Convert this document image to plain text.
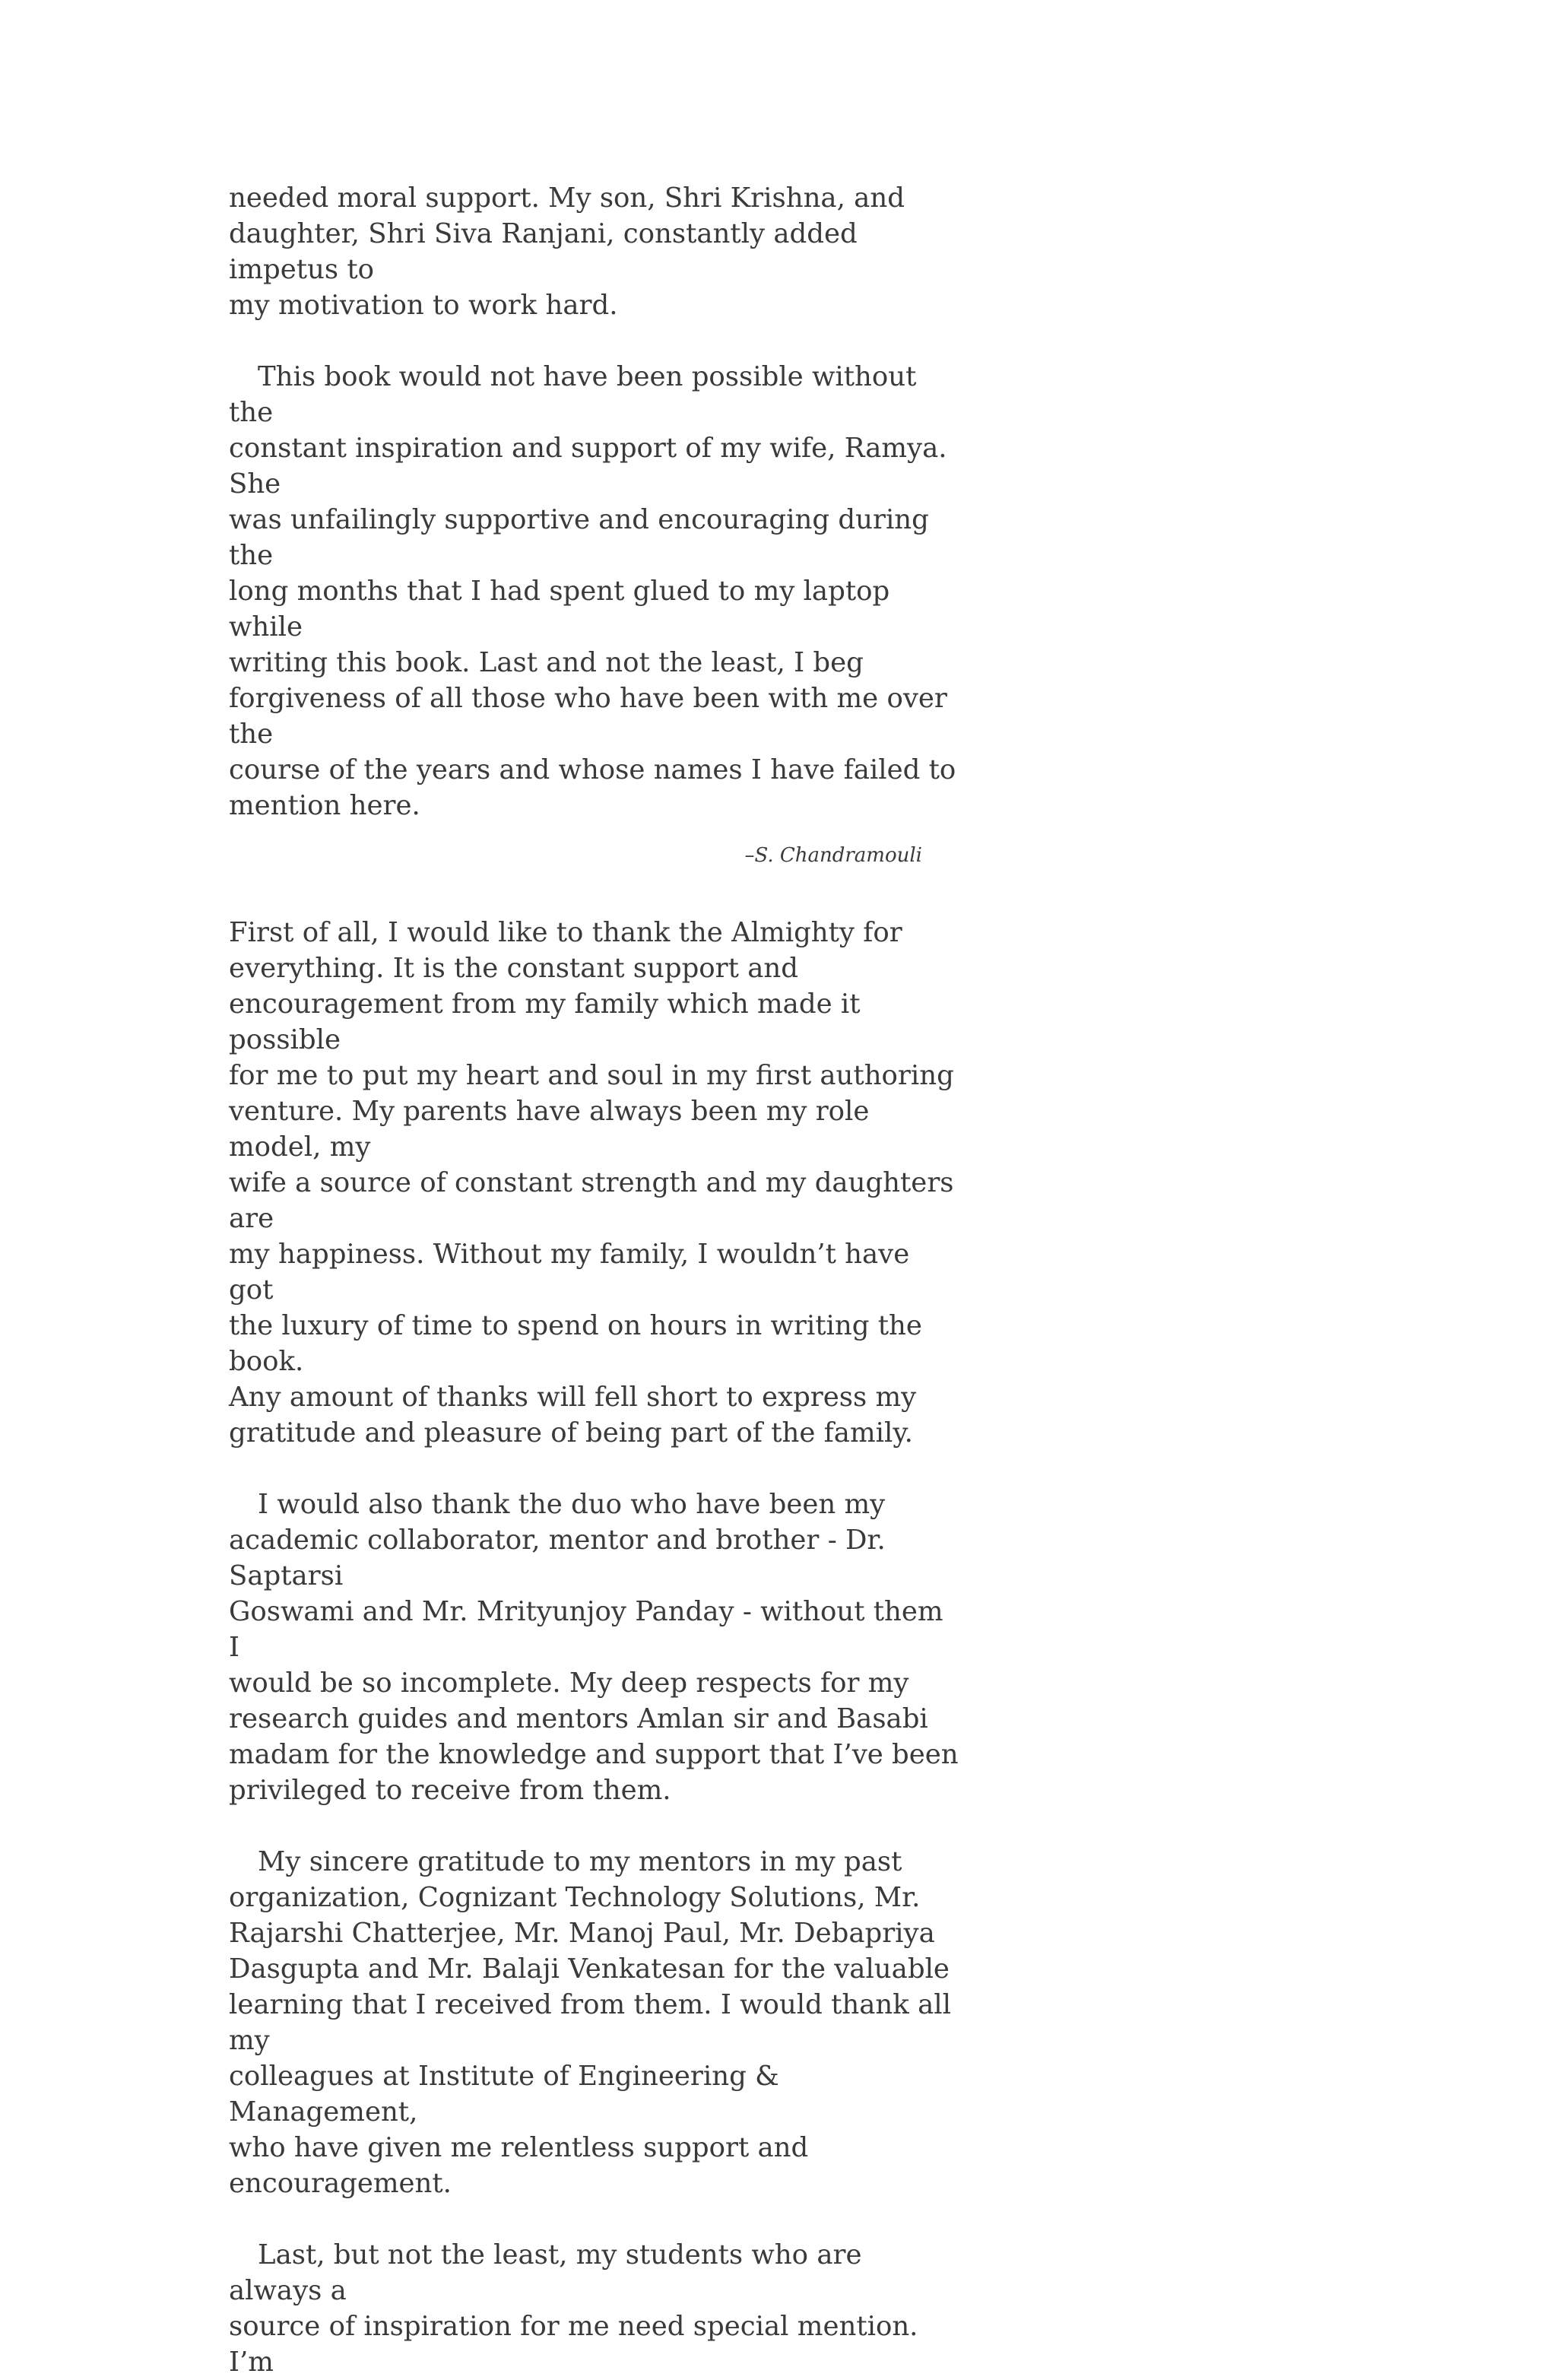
needed moral support. My son, Shri Krishna, and
daughter, Shri Siva Ranjani, constantly added impetus to
my motivation to work hard.

This book would not have been possible without the
constant inspiration and support of my wife, Ramya. She
was unfailingly supportive and encouraging during the
long months that I had spent glued to my laptop while
writing this book. Last and not the least, I beg
forgiveness of all those who have been with me over the
course of the years and whose names I have failed to
mention here.

–S. Chandramouli

First of all, I would like to thank the Almighty for
everything. It is the constant support and
encouragement from my family which made it possible
for me to put my heart and soul in my first authoring
venture. My parents have always been my role model, my
wife a source of constant strength and my daughters are
my happiness. Without my family, I wouldn’t have got
the luxury of time to spend on hours in writing the book.
Any amount of thanks will fell short to express my
gratitude and pleasure of being part of the family.

I would also thank the duo who have been my
academic collaborator, mentor and brother - Dr. Saptarsi
Goswami and Mr. Mrityunjoy Panday - without them I
would be so incomplete. My deep respects for my
research guides and mentors Amlan sir and Basabi
madam for the knowledge and support that I’ve been
privileged to receive from them.

My sincere gratitude to my mentors in my past
organization, Cognizant Technology Solutions, Mr.
Rajarshi Chatterjee, Mr. Manoj Paul, Mr. Debapriya
Dasgupta and Mr. Balaji Venkatesan for the valuable
learning that I received from them. I would thank all my
colleagues at Institute of Engineering & Management,
who have given me relentless support and
encouragement.

Last, but not the least, my students who are always a
source of inspiration for me need special mention. I’m
